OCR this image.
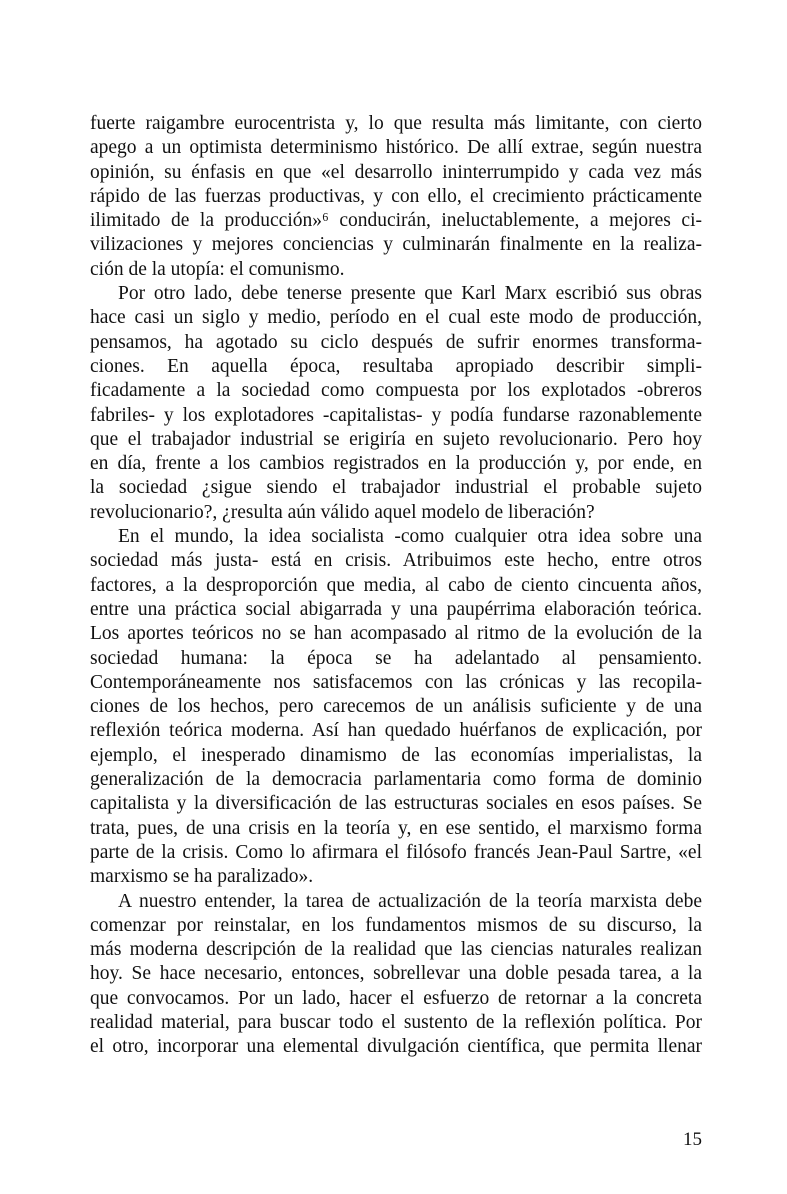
fuerte raigambre eurocentrista y, lo que resulta más limitante, con cierto
apego a un optimista determinismo histórico. De allí extrae, según nuestra
opinión, su énfasis en que «el desarrollo ininterrumpido y cada vez más
rápido de las fuerzas productivas, y con ello, el crecimiento prácticamente
ilimitado de la producción»⁶ conducirán, ineluctablemente, a mejores ci-
vilizaciones y mejores conciencias y culminarán finalmente en la realiza-
ción de la utopía: el comunismo.
Por otro lado, debe tenerse presente que Karl Marx escribió sus obras
hace casi un siglo y medio, período en el cual este modo de producción,
pensamos, ha agotado su ciclo después de sufrir enormes transforma-
ciones. En aquella época, resultaba apropiado describir simpli-
ficadamente a la sociedad como compuesta por los explotados -obreros
fabriles- y los explotadores -capitalistas- y podía fundarse razonablemente
que el trabajador industrial se erigiría en sujeto revolucionario. Pero hoy
en día, frente a los cambios registrados en la producción y, por ende, en
la sociedad ¿sigue siendo el trabajador industrial el probable sujeto
revolucionario?, ¿resulta aún válido aquel modelo de liberación?
En el mundo, la idea socialista -como cualquier otra idea sobre una
sociedad más justa- está en crisis. Atribuimos este hecho, entre otros
factores, a la desproporción que media, al cabo de ciento cincuenta años,
entre una práctica social abigarrada y una paupérrima elaboración teórica.
Los aportes teóricos no se han acompasado al ritmo de la evolución de la
sociedad humana: la época se ha adelantado al pensamiento.
Contemporáneamente nos satisfacemos con las crónicas y las recopila-
ciones de los hechos, pero carecemos de un análisis suficiente y de una
reflexión teórica moderna. Así han quedado huérfanos de explicación, por
ejemplo, el inesperado dinamismo de las economías imperialistas, la
generalización de la democracia parlamentaria como forma de dominio
capitalista y la diversificación de las estructuras sociales en esos países. Se
trata, pues, de una crisis en la teoría y, en ese sentido, el marxismo forma
parte de la crisis. Como lo afirmara el filósofo francés Jean-Paul Sartre, «el
marxismo se ha paralizado».
A nuestro entender, la tarea de actualización de la teoría marxista debe
comenzar por reinstalar, en los fundamentos mismos de su discurso, la
más moderna descripción de la realidad que las ciencias naturales realizan
hoy. Se hace necesario, entonces, sobrellevar una doble pesada tarea, a la
que convocamos. Por un lado, hacer el esfuerzo de retornar a la concreta
realidad material, para buscar todo el sustento de la reflexión política. Por
el otro, incorporar una elemental divulgación científica, que permita llenar
15
